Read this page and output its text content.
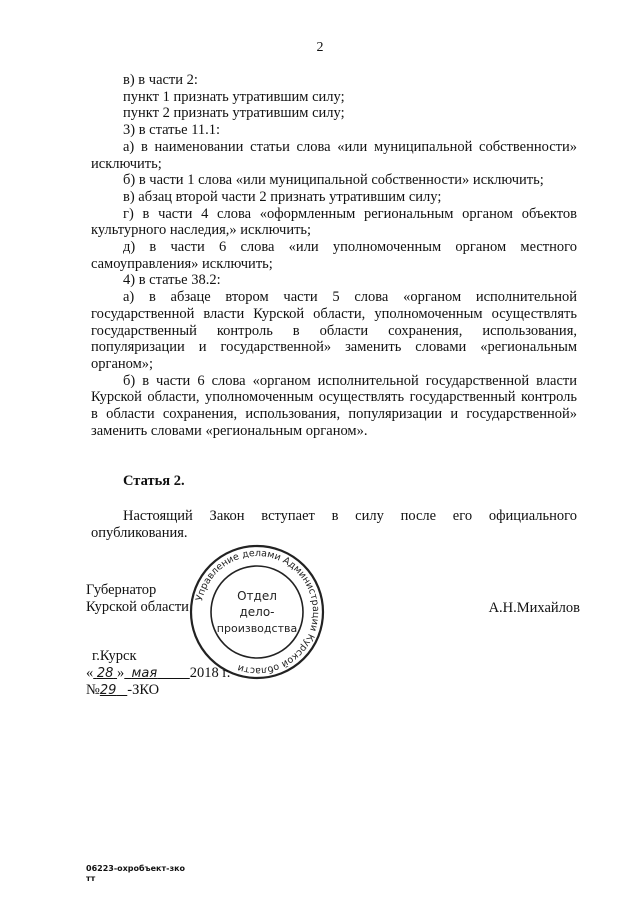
2

в) в части 2:

пункт 1 признать утратившим силу;

пункт 2 признать утратившим силу;

3) в статье 11.1:

а) в наименовании статьи слова «или муниципальной собственности» исключить;

б) в части 1 слова «или муниципальной собственности» исключить;

в) абзац второй части 2 признать утратившим силу;

г) в части 4 слова «оформленным региональным органом объектов культурного наследия,» исключить;

д) в части 6 слова «или уполномоченным органом местного самоуправления» исключить;

4) в статье 38.2:

а) в абзаце втором части 5 слова «органом исполнительной государственной власти Курской области, уполномоченным осуществлять государственный контроль в области сохранения, использования, популяризации и государственной» заменить словами «региональным органом»;

б) в части 6 слова «органом исполнительной государственной власти Курской области, уполномоченным осуществлять государственный контроль в области сохранения, использования, популяризации и государственной» заменить словами «региональным органом».

Статья 2.
Настоящий Закон вступает в силу после его официального опубликования.
Губернатор
Курской области	А.Н.Михайлов
Управление делами Администрации Курской области
Отдел
дело-
производства
г.Курск
« 28 » мая 2018 г.
№29 -ЗКО
06223-охробъект-зко
тт
